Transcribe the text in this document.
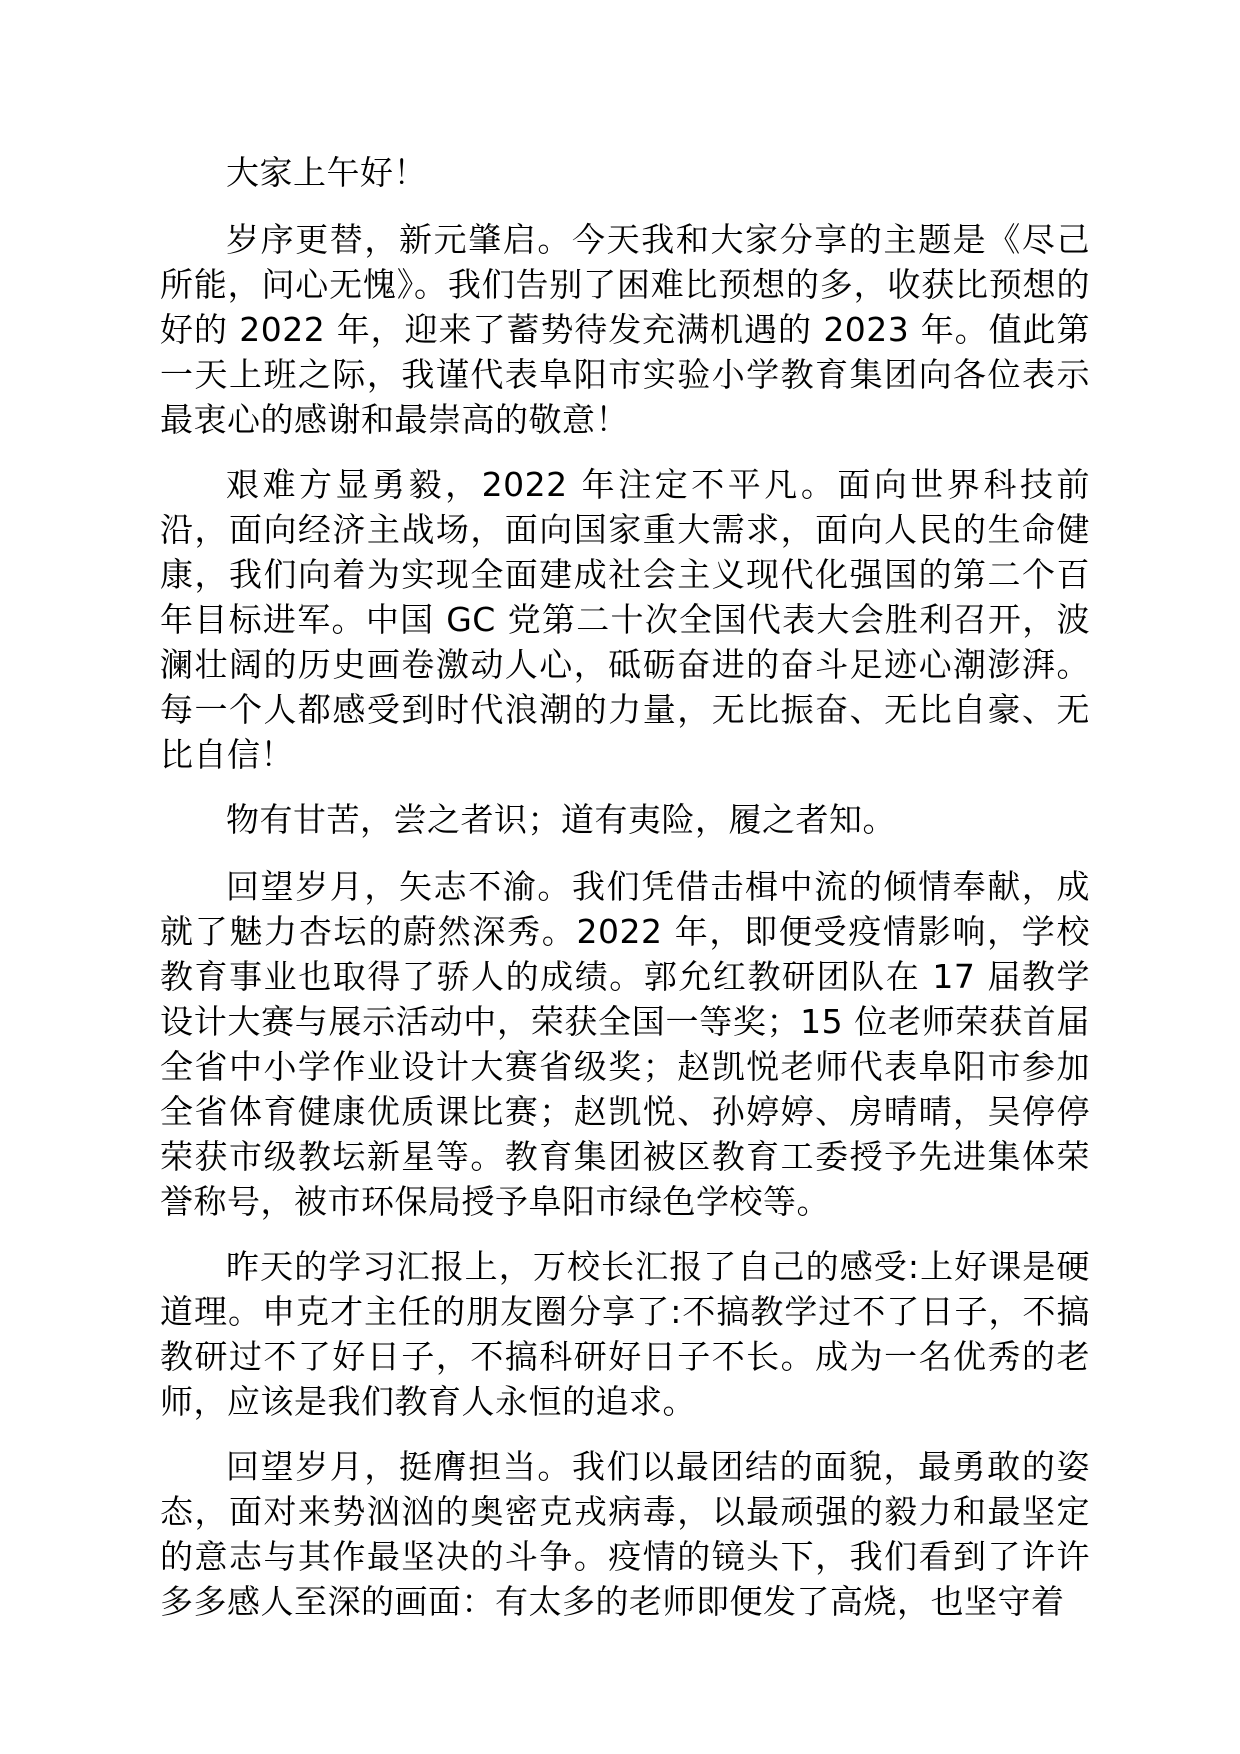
大家上午好！

岁序更替，新元肇启。今天我和大家分享的主题是《尽己所能，问心无愧》。我们告别了困难比预想的多，收获比预想的好的 2022 年，迎来了蓄势待发充满机遇的 2023 年。值此第一天上班之际，我谨代表阜阳市实验小学教育集团向各位表示最衷心的感谢和最崇高的敬意！

艰难方显勇毅，2022 年注定不平凡。面向世界科技前沿，面向经济主战场，面向国家重大需求，面向人民的生命健康，我们向着为实现全面建成社会主义现代化强国的第二个百年目标进军。中国 GC 党第二十次全国代表大会胜利召开，波澜壮阔的历史画卷激动人心，砥砺奋进的奋斗足迹心潮澎湃。每一个人都感受到时代浪潮的力量，无比振奋、无比自豪、无比自信！

物有甘苦，尝之者识；道有夷险，履之者知。

回望岁月，矢志不渝。我们凭借击楫中流的倾情奉献，成就了魅力杏坛的蔚然深秀。2022 年，即便受疫情影响，学校教育事业也取得了骄人的成绩。郭允红教研团队在 17 届教学设计大赛与展示活动中，荣获全国一等奖；15 位老师荣获首届全省中小学作业设计大赛省级奖；赵凯悦老师代表阜阳市参加全省体育健康优质课比赛；赵凯悦、孙婷婷、房晴晴，吴停停荣获市级教坛新星等。教育集团被区教育工委授予先进集体荣誉称号，被市环保局授予阜阳市绿色学校等。

昨天的学习汇报上，万校长汇报了自己的感受:上好课是硬道理。申克才主任的朋友圈分享了:不搞教学过不了日子，不搞教研过不了好日子，不搞科研好日子不长。成为一名优秀的老师，应该是我们教育人永恒的追求。

回望岁月，挺膺担当。我们以最团结的面貌，最勇敢的姿态，面对来势汹汹的奥密克戎病毒，以最顽强的毅力和最坚定的意志与其作最坚决的斗争。疫情的镜头下，我们看到了许许多多感人至深的画面：有太多的老师即便发了高烧，也坚守着
